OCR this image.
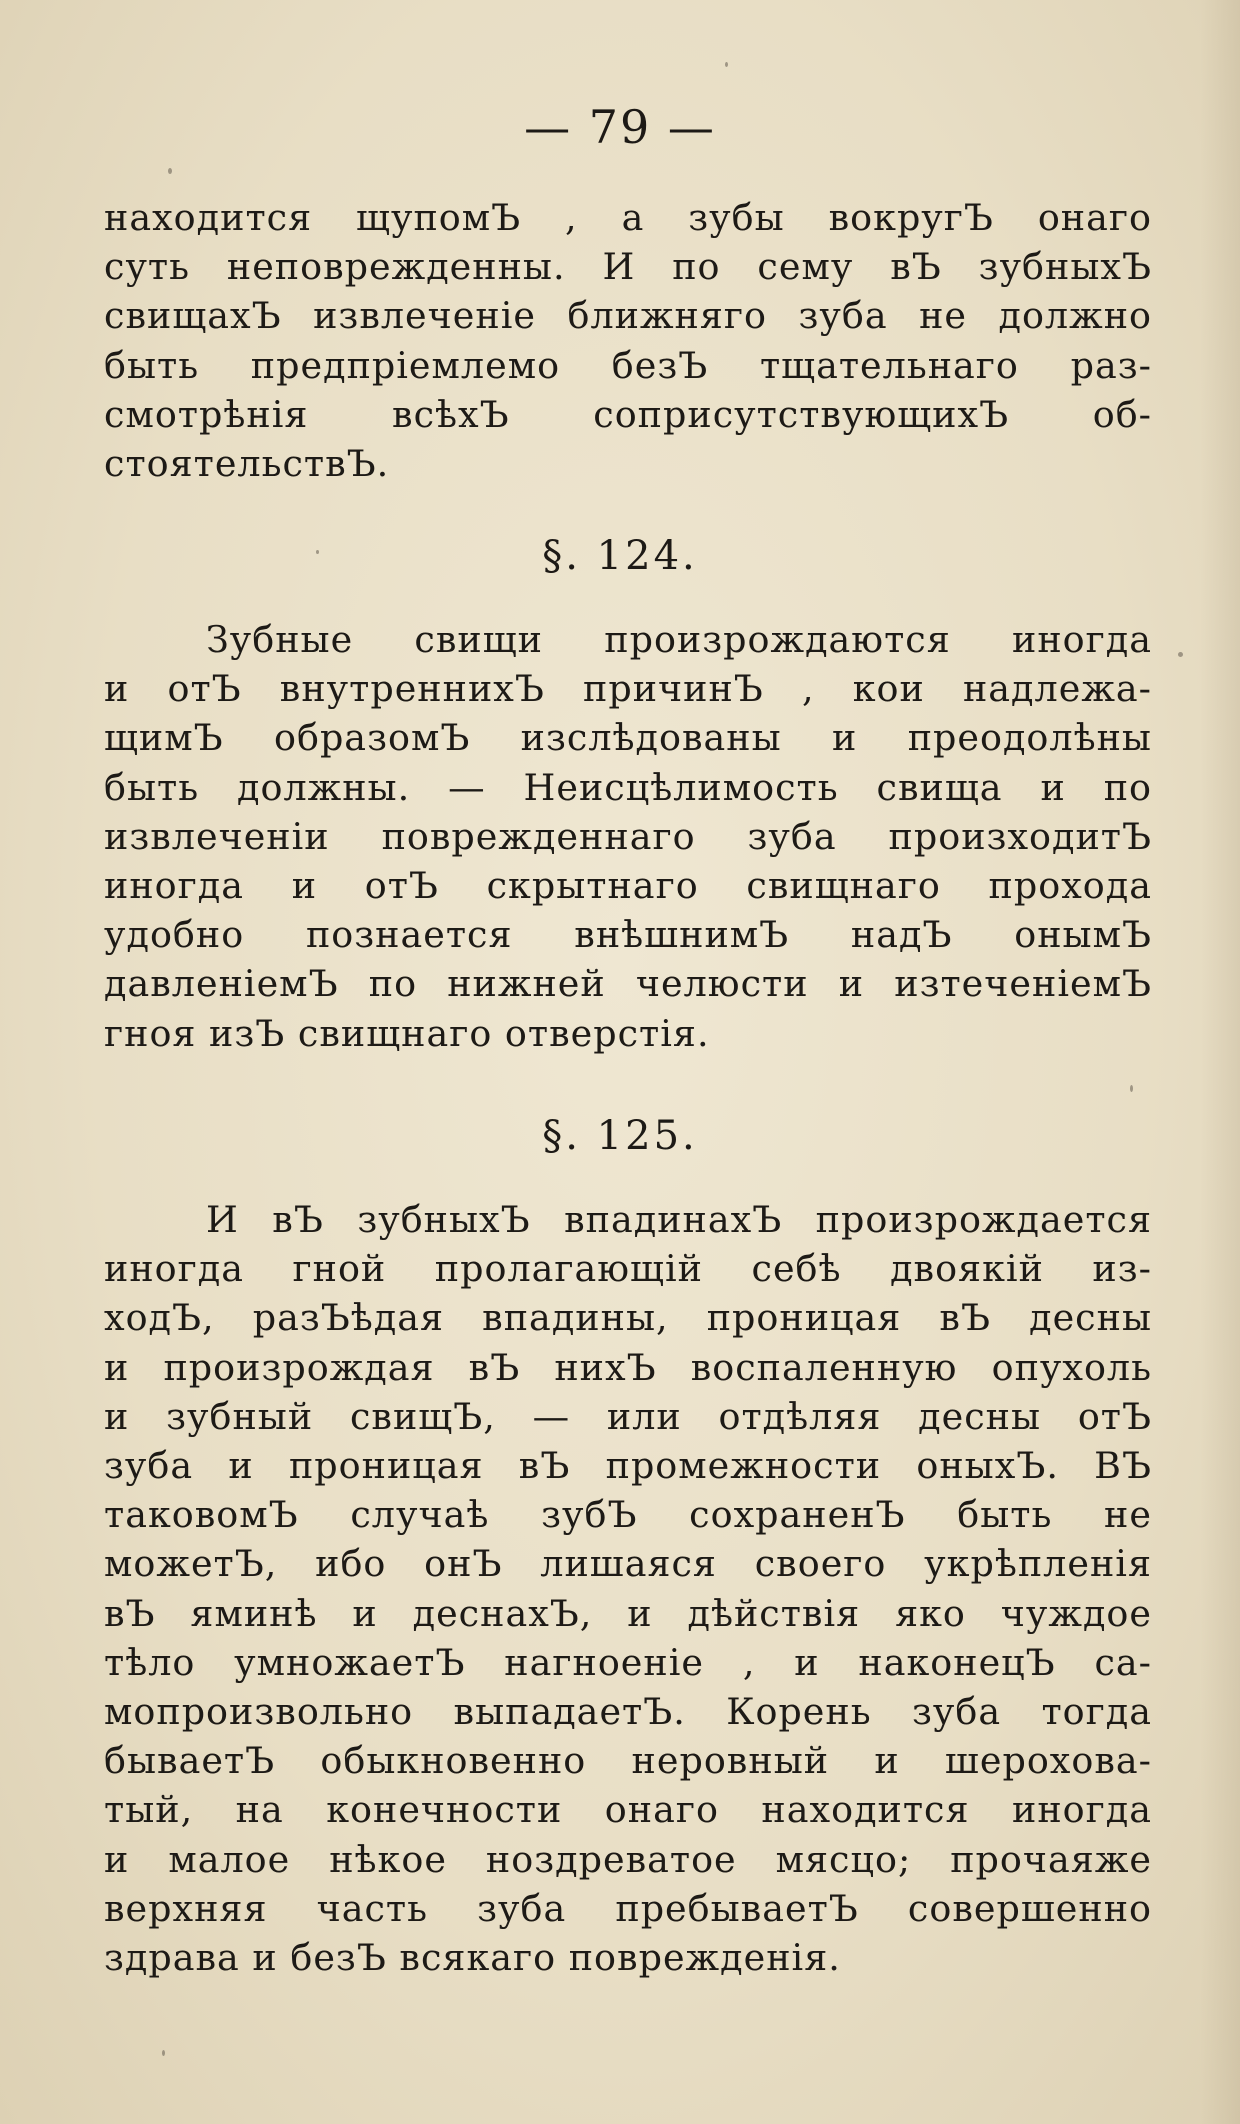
— 79 —
находится щупомЪ , а зубы вокругЪ онаго
суть неповрежденны. И по сему вЪ зубныхЪ
свищахЪ извлеченіе ближняго зуба не должно
быть предпріемлемо безЪ тщательнаго раз-
смотрѣнія всѣхЪ соприсутствующихЪ об-
стоятельствЪ.
§. 124.
Зубные свищи произрождаются иногда
и отЪ внутреннихЪ причинЪ , кои надлежа-
щимЪ образомЪ изслѣдованы и преодолѣны
быть должны. — Неисцѣлимость свища и по
извлеченіи поврежденнаго зуба произходитЪ
иногда и отЪ скрытнаго свищнаго прохода
удобно познается внѣшнимЪ надЪ онымЪ
давленіемЪ по нижней челюсти и изтеченіемЪ
гноя изЪ свищнаго отверстія.
§. 125.
И вЪ зубныхЪ впадинахЪ произрождается
иногда гной пролагающій себѣ двоякій из-
ходЪ, разЪѣдая впадины, проницая вЪ десны
и произрождая вЪ нихЪ воспаленную опухоль
и зубный свищЪ, — или отдѣляя десны отЪ
зуба и проницая вЪ промежности оныхЪ. ВЪ
таковомЪ случаѣ зубЪ сохраненЪ быть не
можетЪ, ибо онЪ лишаяся своего укрѣпленія
вЪ яминѣ и деснахЪ, и дѣйствія яко чуждое
тѣло умножаетЪ нагноеніе , и наконецЪ са-
мопроизвольно выпадаетЪ. Корень зуба тогда
бываетЪ обыкновенно неровный и шерохова-
тый, на конечности онаго находится иногда
и малое нѣкое ноздреватое мясцо; прочаяже
верхняя часть зуба пребываетЪ совершенно
здрава и безЪ всякаго поврежденія.
